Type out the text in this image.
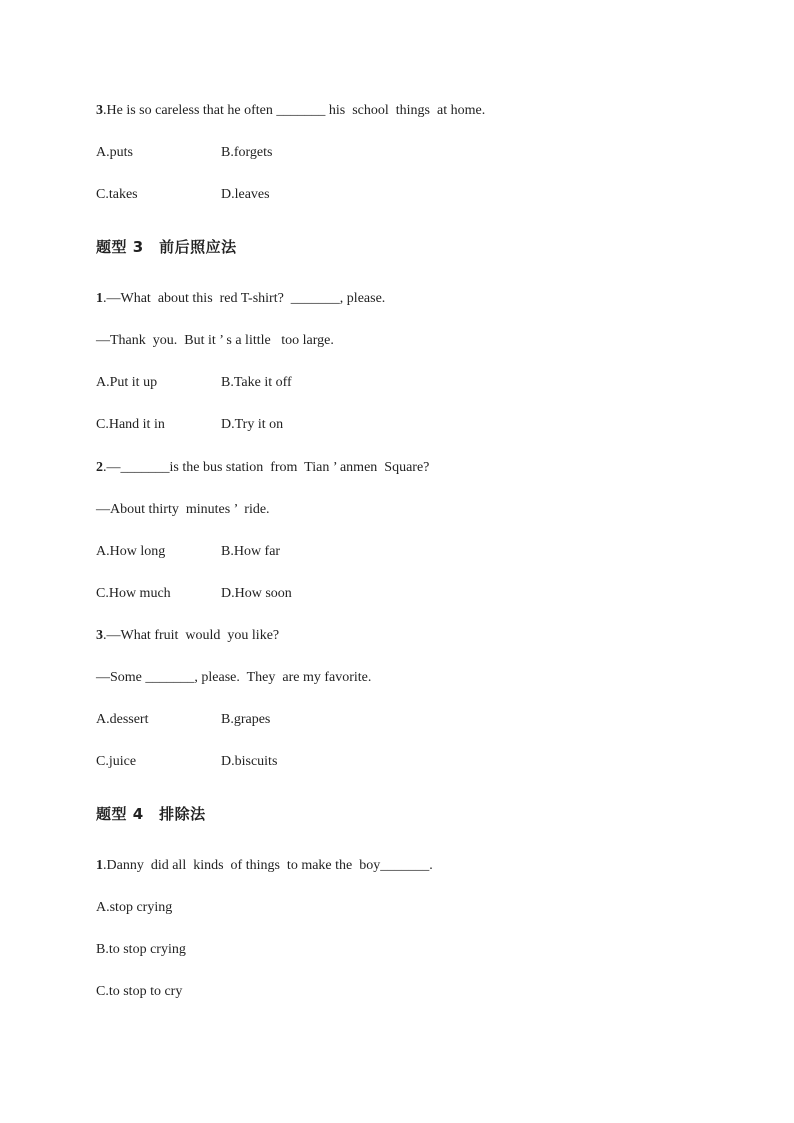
3.He is so careless that he often _______ his  school  things  at home.
A.puts	B.forgets
C.takes	D.leaves
题型 3　前后照应法
1.—What  about this  red T-shirt?  _______, please.
—Thank  you.  But it ’ s a little   too large.
A.Put it up	B.Take it off
C.Hand it in	D.Try it on
2.—_______is the bus station  from  Tian ’ anmen  Square?
—About thirty  minutes ’  ride.
A.How long	B.How far
C.How much	D.How soon
3.—What fruit  would  you like?
—Some _______, please.  They  are my favorite.
A.dessert	B.grapes
C.juice	D.biscuits
题型 4　排除法
1.Danny  did all  kinds  of things  to make the  boy_______.
A.stop crying
B.to stop crying
C.to stop to cry
